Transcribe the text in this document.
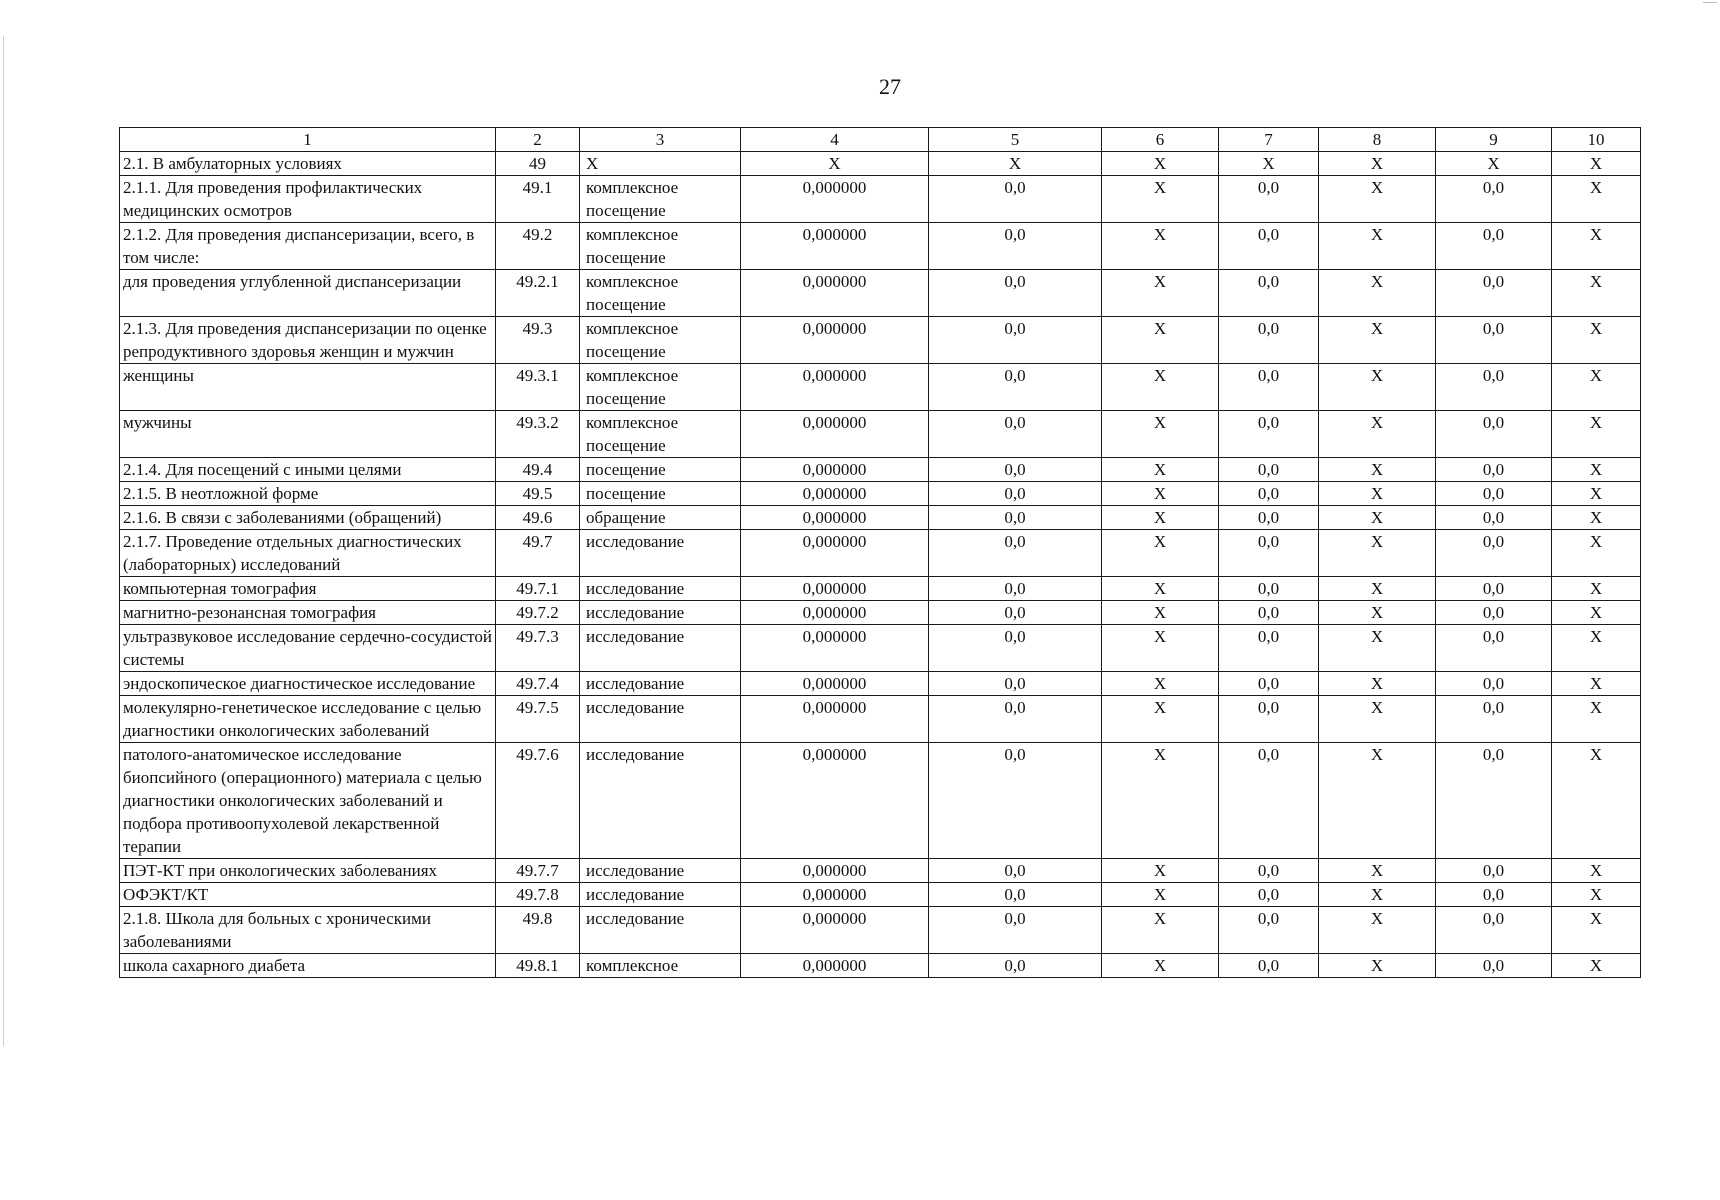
27
1	2	3	4	5	6	7	8	9	10
2.1. В амбулаторных условиях	49	Х	Х	Х	Х	Х	Х	Х	Х
2.1.1. Для проведения профилактических медицинских осмотров	49.1	комплексное посещение	0,000000	0,0	Х	0,0	Х	0,0	Х
2.1.2. Для проведения диспансеризации, всего, в том числе:	49.2	комплексное посещение	0,000000	0,0	Х	0,0	Х	0,0	Х
для проведения углубленной диспансеризации	49.2.1	комплексное посещение	0,000000	0,0	Х	0,0	Х	0,0	Х
2.1.3. Для проведения диспансеризации по оценке репродуктивного здоровья женщин и мужчин	49.3	комплексное посещение	0,000000	0,0	Х	0,0	Х	0,0	Х
женщины	49.3.1	комплексное посещение	0,000000	0,0	Х	0,0	Х	0,0	Х
мужчины	49.3.2	комплексное посещение	0,000000	0,0	Х	0,0	Х	0,0	Х
2.1.4. Для посещений с иными целями	49.4	посещение	0,000000	0,0	Х	0,0	Х	0,0	Х
2.1.5. В неотложной форме	49.5	посещение	0,000000	0,0	Х	0,0	Х	0,0	Х
2.1.6. В связи с заболеваниями (обращений)	49.6	обращение	0,000000	0,0	Х	0,0	Х	0,0	Х
2.1.7. Проведение отдельных диагностических (лабораторных) исследований	49.7	исследование	0,000000	0,0	Х	0,0	Х	0,0	Х
компьютерная томография	49.7.1	исследование	0,000000	0,0	Х	0,0	Х	0,0	Х
магнитно-резонансная томография	49.7.2	исследование	0,000000	0,0	Х	0,0	Х	0,0	Х
ультразвуковое исследование сердечно-сосудистой системы	49.7.3	исследование	0,000000	0,0	Х	0,0	Х	0,0	Х
эндоскопическое диагностическое исследование	49.7.4	исследование	0,000000	0,0	Х	0,0	Х	0,0	Х
молекулярно-генетическое исследование с целью диагностики онкологических заболеваний	49.7.5	исследование	0,000000	0,0	Х	0,0	Х	0,0	Х
патолого-анатомическое исследование биопсийного (операционного) материала с целью диагностики онкологических заболеваний и подбора противоопухолевой лекарственной терапии	49.7.6	исследование	0,000000	0,0	Х	0,0	Х	0,0	Х
ПЭТ-КТ при онкологических заболеваниях	49.7.7	исследование	0,000000	0,0	Х	0,0	Х	0,0	Х
ОФЭКТ/КТ	49.7.8	исследование	0,000000	0,0	Х	0,0	Х	0,0	Х
2.1.8. Школа для больных с хроническими заболеваниями	49.8	исследование	0,000000	0,0	Х	0,0	Х	0,0	Х
школа сахарного диабета	49.8.1	комплексное	0,000000	0,0	Х	0,0	Х	0,0	Х
